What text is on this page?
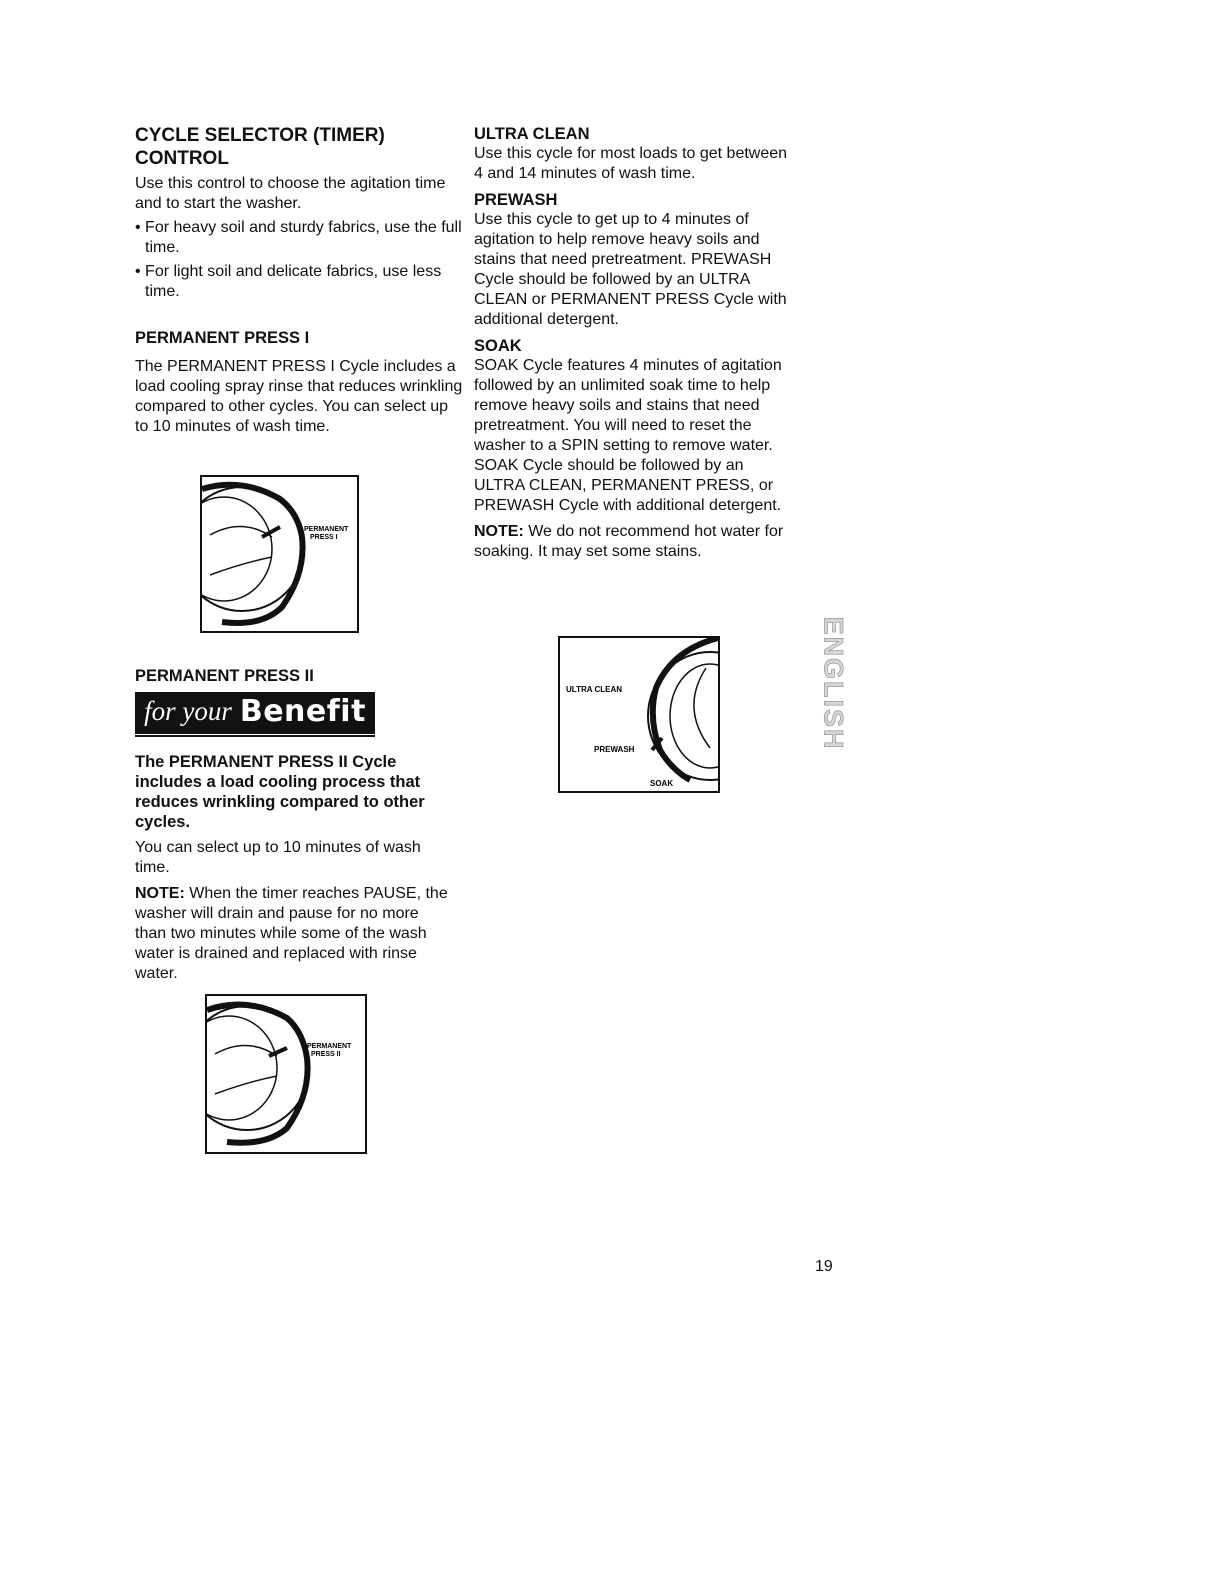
CYCLE SELECTOR (TIMER)

CONTROL

Use this control to choose the agitation time and to start the washer.

• For heavy soil and sturdy fabrics, use the full time.

• For light soil and delicate fabrics, use less time.

PERMANENT PRESS I

The PERMANENT PRESS I Cycle includes a load cooling spray rinse that reduces wrinkling compared to other cycles. You can select up to 10 minutes of wash time.

PERMANENT
PRESS I

PERMANENT PRESS II

for your Benefit

The PERMANENT PRESS II Cycle includes a load cooling process that reduces wrinkling compared to other cycles.

You can select up to 10 minutes of wash time.

NOTE: When the timer reaches PAUSE, the washer will drain and pause for no more than two minutes while some of the wash water is drained and replaced with rinse water.

PERMANENT
PRESS II

ULTRA CLEAN

Use this cycle for most loads to get between 4 and 14 minutes of wash time.

PREWASH

Use this cycle to get up to 4 minutes of agitation to help remove heavy soils and stains that need pretreatment. PREWASH Cycle should be followed by an ULTRA CLEAN or PERMANENT PRESS Cycle with additional detergent.

SOAK

SOAK Cycle features 4 minutes of agitation followed by an unlimited soak time to help remove heavy soils and stains that need pretreatment. You will need to reset the washer to a SPIN setting to remove water. SOAK Cycle should be followed by an ULTRA CLEAN, PERMANENT PRESS, or PREWASH Cycle with additional detergent.

NOTE: We do not recommend hot water for soaking. It may set some stains.

ULTRA CLEAN
PREWASH
SOAK
ENGLISH
19
